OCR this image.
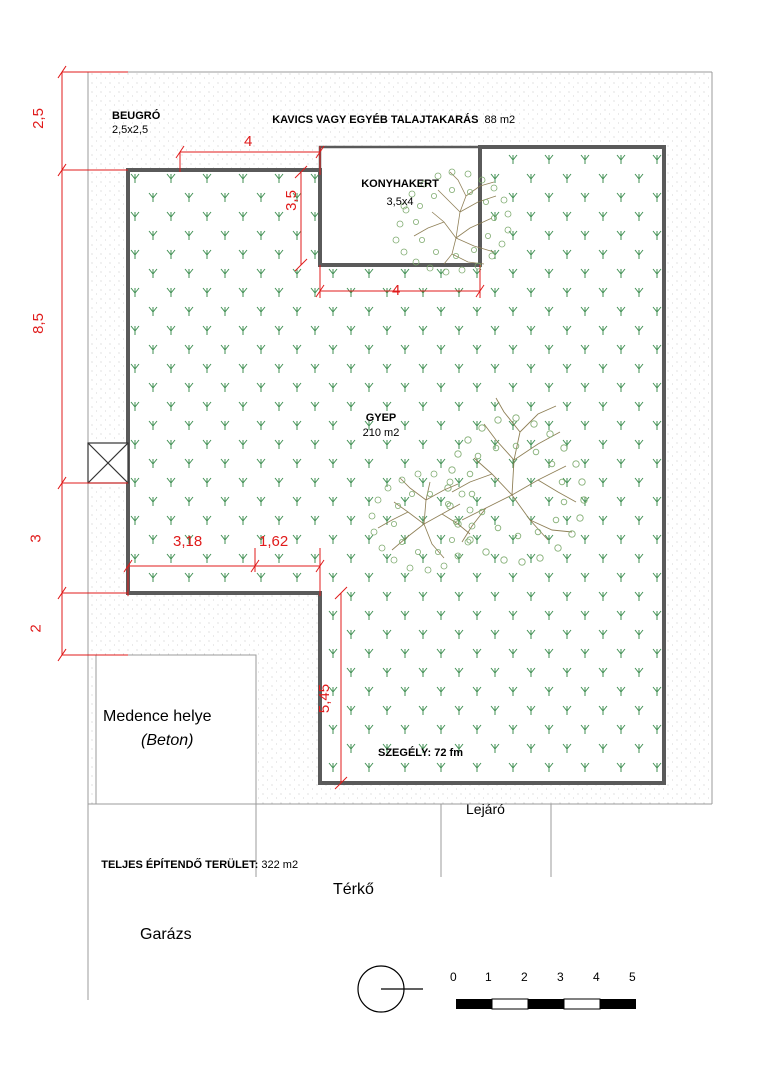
KAVICS VAGY EGYÉB TALAJTAKARÁS 88 m2

BEUGRÓ
2,5x2,5
KONYHAKERT
3,5x4
GYEP
210 m2
SZEGÉLY: 72 fm

TELJES ÉPÍTENDŐ TERÜLET: 322 m2

Medence helye
(Beton)
Lejáró
Térkő
Garázs
2,5
8,5
3
2
4
3,5
4
3,18	1,62
5,45
0 1 2 3 4 5
